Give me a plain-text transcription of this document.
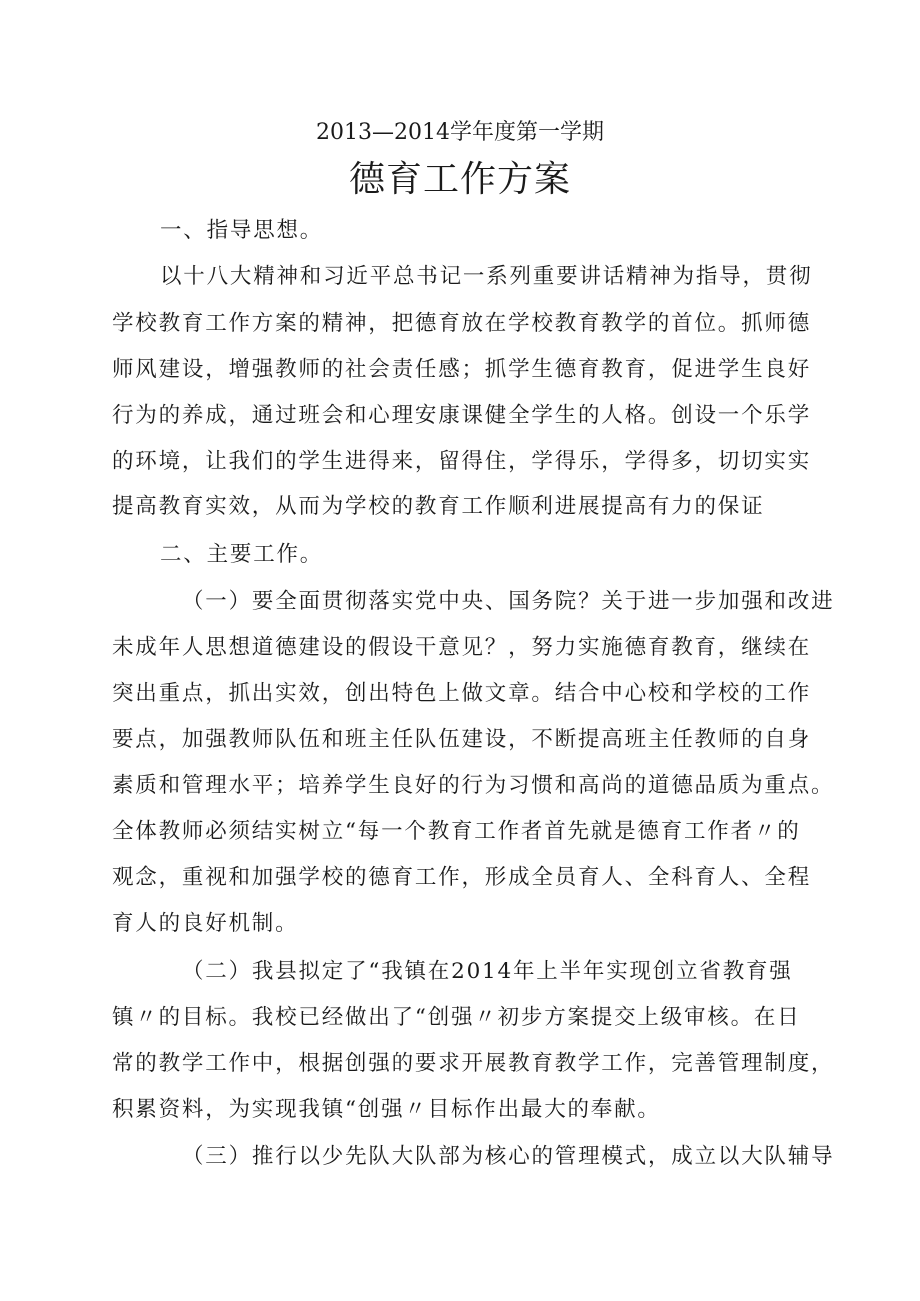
2013—2014学年度第一学期
德育工作方案
一、指导思想。
以十八大精神和习近平总书记一系列重要讲话精神为指导，贯彻
学校教育工作方案的精神，把德育放在学校教育教学的首位。抓师德
师风建设，增强教师的社会责任感；抓学生德育教育，促进学生良好
行为的养成，通过班会和心理安康课健全学生的人格。创设一个乐学
的环境，让我们的学生进得来，留得住，学得乐，学得多，切切实实
提高教育实效，从而为学校的教育工作顺利进展提高有力的保证
二、主要工作。
（一）要全面贯彻落实党中央、国务院？关于进一步加强和改进
未成年人思想道德建设的假设干意见？，努力实施德育教育，继续在
突出重点，抓出实效，创出特色上做文章。结合中心校和学校的工作
要点，加强教师队伍和班主任队伍建设，不断提高班主任教师的自身
素质和管理水平；培养学生良好的行为习惯和高尚的道德品质为重点。
全体教师必须结实树立“每一个教育工作者首先就是德育工作者〃的
观念，重视和加强学校的德育工作，形成全员育人、全科育人、全程
育人的良好机制。
（二）我县拟定了“我镇在2014年上半年实现创立省教育强
镇〃的目标。我校已经做出了“创强〃初步方案提交上级审核。在日
常的教学工作中，根据创强的要求开展教育教学工作，完善管理制度，
积累资料，为实现我镇“创强〃目标作出最大的奉献。
（三）推行以少先队大队部为核心的管理模式，成立以大队辅导
